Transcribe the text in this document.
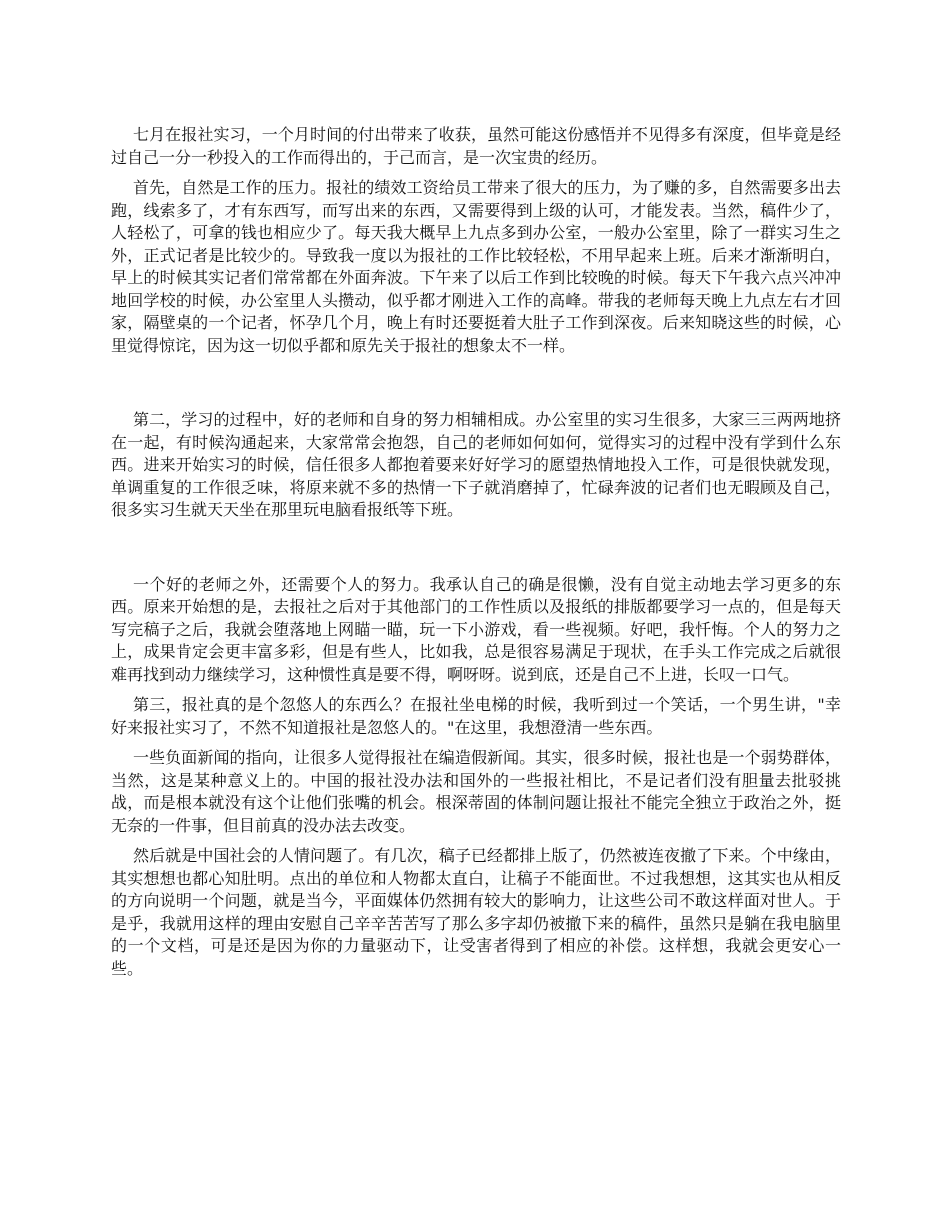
七月在报社实习，一个月时间的付出带来了收获，虽然可能这份感悟并不见得多有深度，但毕竟是经过自己一分一秒投入的工作而得出的，于己而言，是一次宝贵的经历。

首先，自然是工作的压力。报社的绩效工资给员工带来了很大的压力，为了赚的多，自然需要多出去跑，线索多了，才有东西写，而写出来的东西，又需要得到上级的认可，才能发表。当然，稿件少了，人轻松了，可拿的钱也相应少了。每天我大概早上九点多到办公室，一般办公室里，除了一群实习生之外，正式记者是比较少的。导致我一度以为报社的工作比较轻松，不用早起来上班。后来才渐渐明白，早上的时候其实记者们常常都在外面奔波。下午来了以后工作到比较晚的时候。每天下午我六点兴冲冲地回学校的时候，办公室里人头攒动，似乎都才刚进入工作的高峰。带我的老师每天晚上九点左右才回家，隔壁桌的一个记者，怀孕几个月，晚上有时还要挺着大肚子工作到深夜。后来知晓这些的时候，心里觉得惊诧，因为这一切似乎都和原先关于报社的想象太不一样。

第二，学习的过程中，好的老师和自身的努力相辅相成。办公室里的实习生很多，大家三三两两地挤在一起，有时候沟通起来，大家常常会抱怨，自己的老师如何如何，觉得实习的过程中没有学到什么东西。进来开始实习的时候，信任很多人都抱着要来好好学习的愿望热情地投入工作，可是很快就发现，单调重复的工作很乏味，将原来就不多的热情一下子就消磨掉了，忙碌奔波的记者们也无暇顾及自己，很多实习生就天天坐在那里玩电脑看报纸等下班。

一个好的老师之外，还需要个人的努力。我承认自己的确是很懒，没有自觉主动地去学习更多的东西。原来开始想的是，去报社之后对于其他部门的工作性质以及报纸的排版都要学习一点的，但是每天写完稿子之后，我就会堕落地上网瞄一瞄，玩一下小游戏，看一些视频。好吧，我忏悔。个人的努力之上，成果肯定会更丰富多彩，但是有些人，比如我，总是很容易满足于现状，在手头工作完成之后就很难再找到动力继续学习，这种惯性真是要不得，啊呀呀。说到底，还是自己不上进，长叹一口气。

第三，报社真的是个忽悠人的东西么？在报社坐电梯的时候，我听到过一个笑话，一个男生讲，"幸好来报社实习了，不然不知道报社是忽悠人的。"在这里，我想澄清一些东西。

一些负面新闻的指向，让很多人觉得报社在编造假新闻。其实，很多时候，报社也是一个弱势群体，当然，这是某种意义上的。中国的报社没办法和国外的一些报社相比，不是记者们没有胆量去批驳挑战，而是根本就没有这个让他们张嘴的机会。根深蒂固的体制问题让报社不能完全独立于政治之外，挺无奈的一件事，但目前真的没办法去改变。

然后就是中国社会的人情问题了。有几次，稿子已经都排上版了，仍然被连夜撤了下来。个中缘由，其实想想也都心知肚明。点出的单位和人物都太直白，让稿子不能面世。不过我想想，这其实也从相反的方向说明一个问题，就是当今，平面媒体仍然拥有较大的影响力，让这些公司不敢这样面对世人。于是乎，我就用这样的理由安慰自己辛辛苦苦写了那么多字却仍被撤下来的稿件，虽然只是躺在我电脑里的一个文档，可是还是因为你的力量驱动下，让受害者得到了相应的补偿。这样想，我就会更安心一些。
